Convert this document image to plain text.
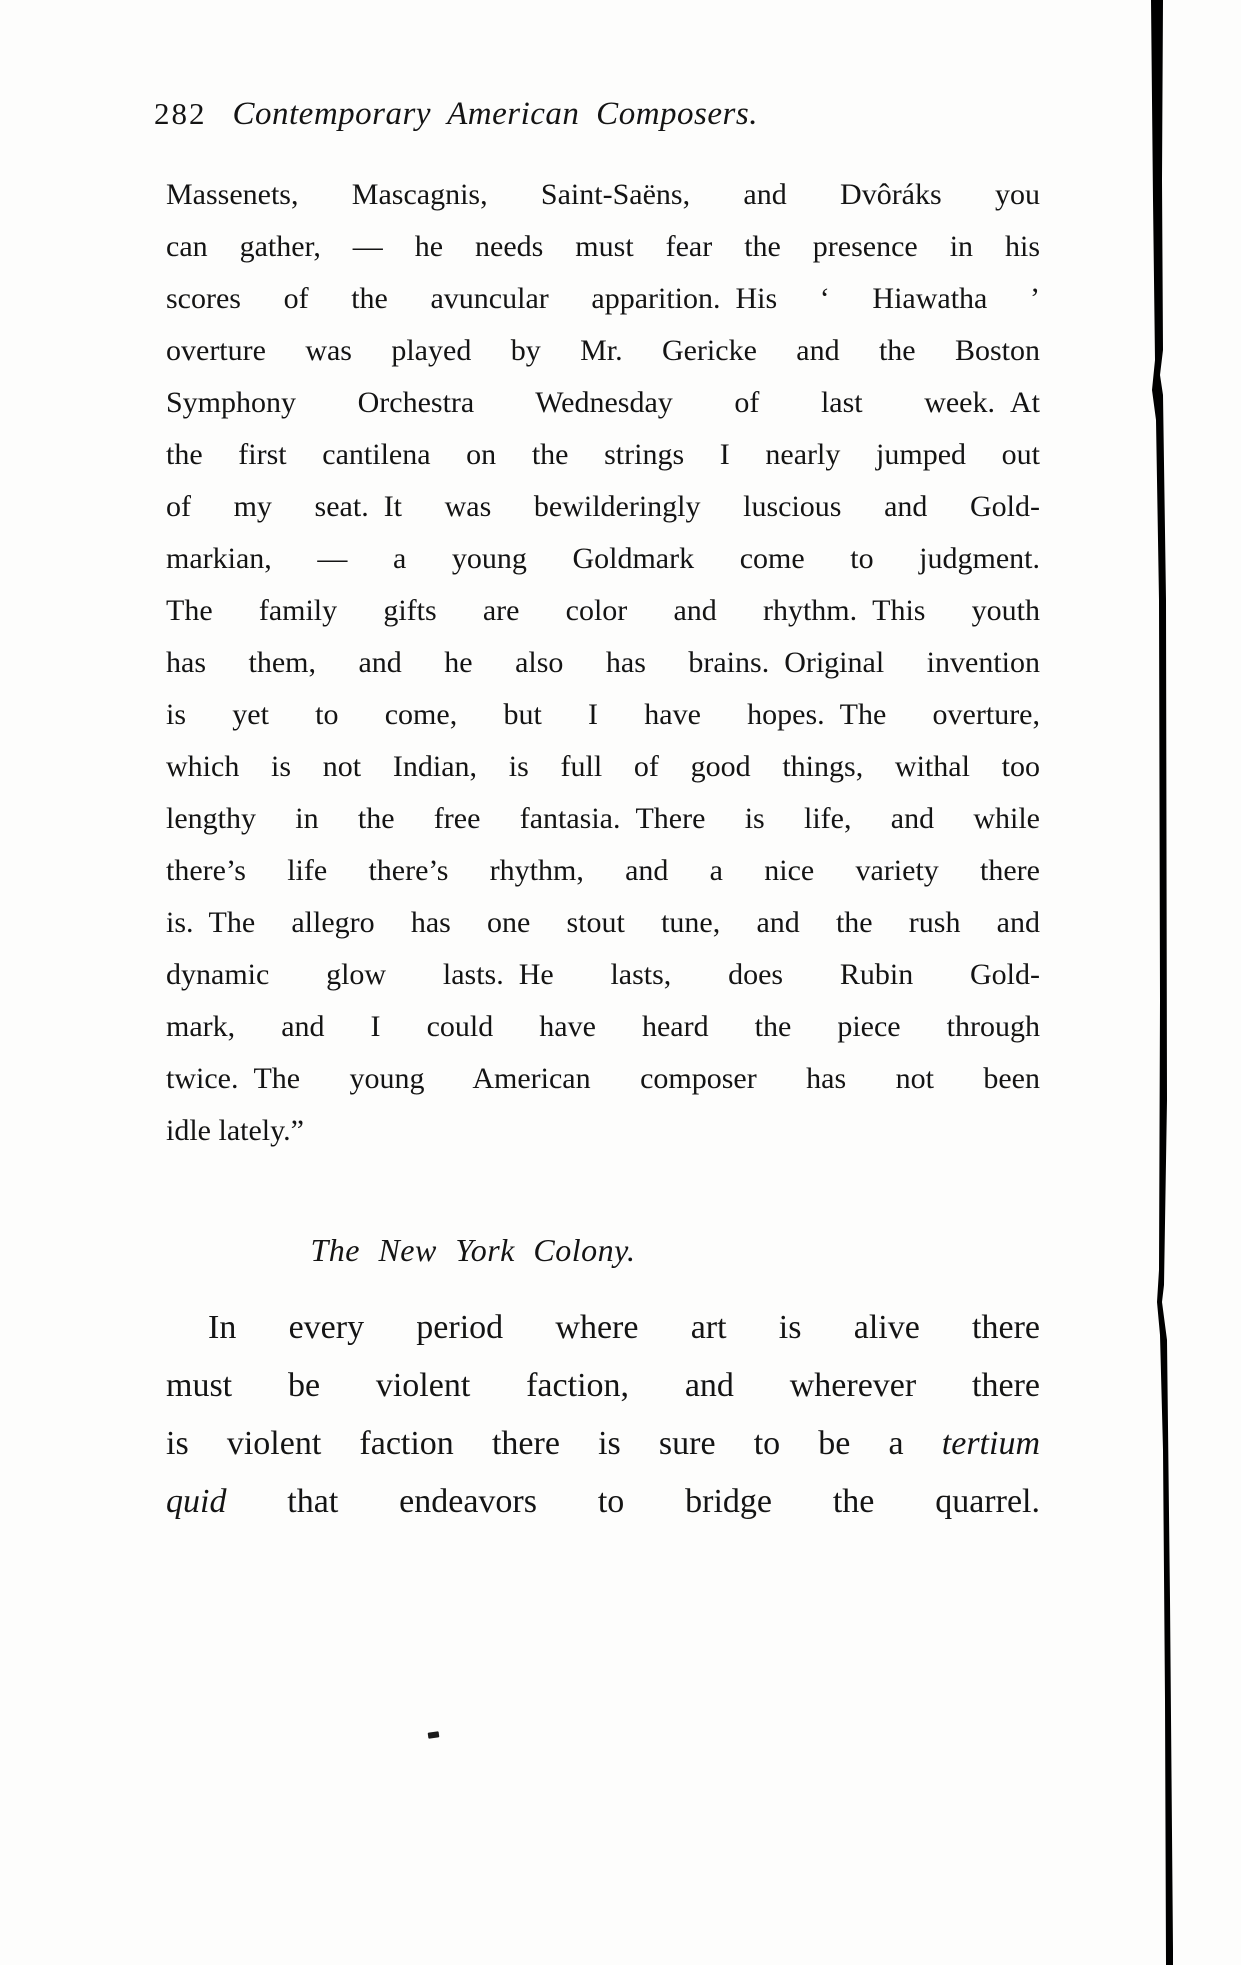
282 Contemporary American Composers.
Massenets, Mascagnis, Saint-Saëns, and Dvôráks you
can gather, — he needs must fear the presence in his
scores of the avuncular apparition. His ‘ Hiawatha ’
overture was played by Mr. Gericke and the Boston
Symphony Orchestra Wednesday of last week. At
the first cantilena on the strings I nearly jumped out
of my seat. It was bewilderingly luscious and Gold-
markian, — a young Goldmark come to judgment.
The family gifts are color and rhythm. This youth
has them, and he also has brains. Original invention
is yet to come, but I have hopes. The overture,
which is not Indian, is full of good things, withal too
lengthy in the free fantasia. There is life, and while
there’s life there’s rhythm, and a nice variety there
is. The allegro has one stout tune, and the rush and
dynamic glow lasts. He lasts, does Rubin Gold-
mark, and I could have heard the piece through
twice. The young American composer has not been
idle lately.”
The New York Colony.
In every period where art is alive there
must be violent faction, and wherever there
is violent faction there is sure to be a tertium
quid that endeavors to bridge the quarrel.
